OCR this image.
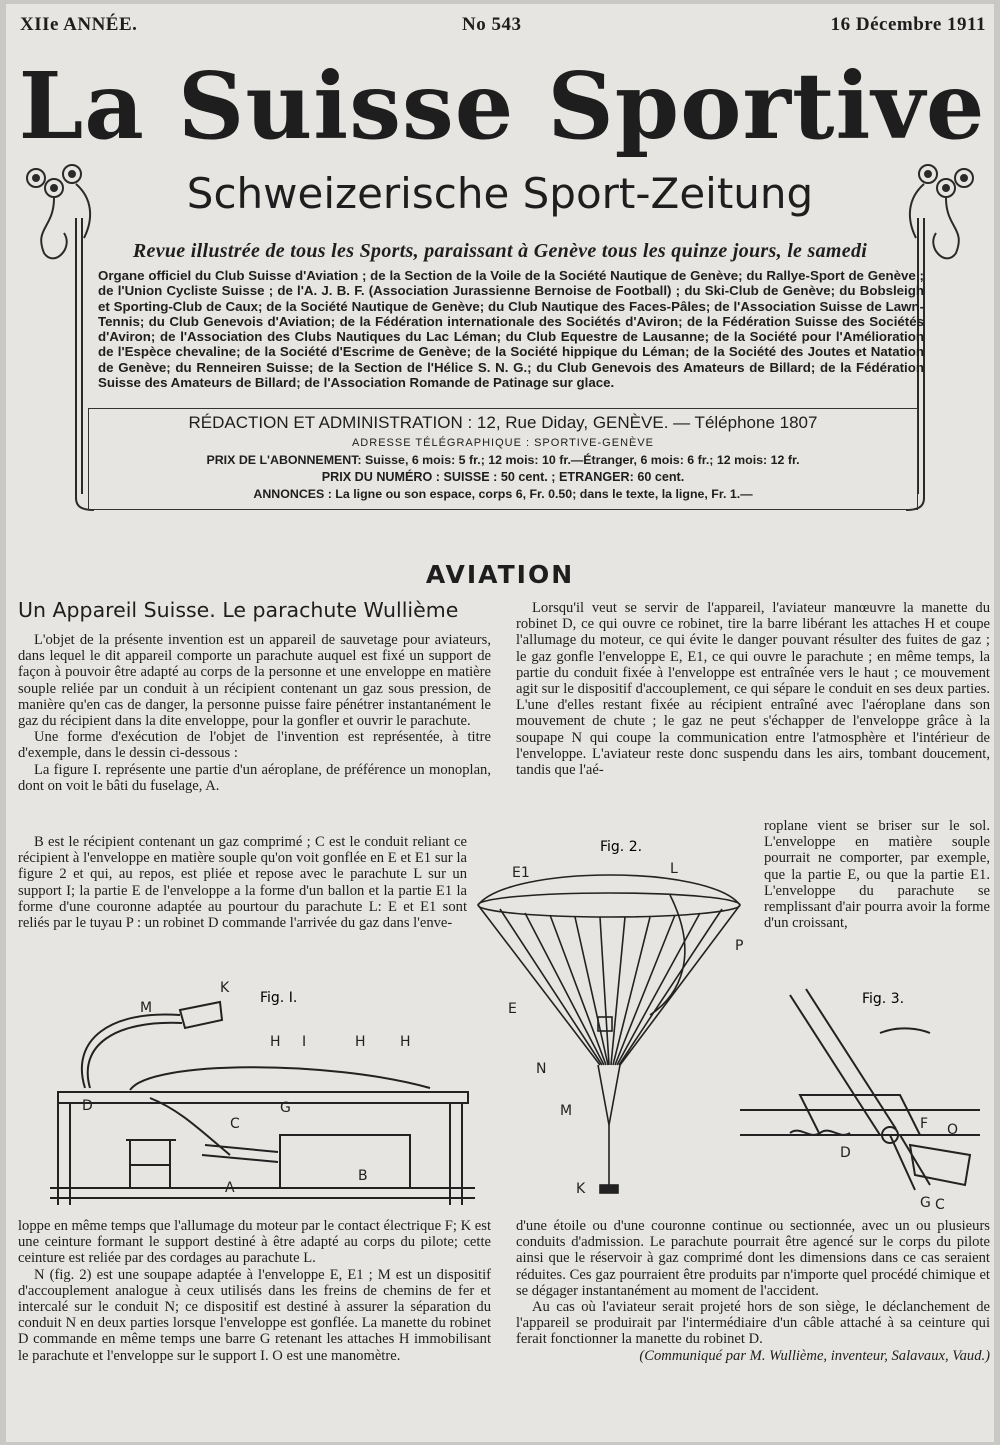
XIIe ANNÉE.	No 543	16 Décembre 1911
La Suisse Sportive
Schweizerische Sport-Zeitung
Revue illustrée de tous les Sports, paraissant à Genève tous les quinze jours, le samedi
Organe officiel du Club Suisse d'Aviation ; de la Section de la Voile de la Société Nautique de Genève; du Rallye-Sport de Genève ; de l'Union Cycliste Suisse ; de l'A. J. B. F. (Association Jurassienne Bernoise de Football) ; du Ski-Club de Genève; du Bobsleigh et Sporting-Club de Caux; de la Société Nautique de Genève; du Club Nautique des Faces-Pâles; de l'Association Suisse de Lawn-Tennis; du Club Genevois d'Aviation; de la Fédération internationale des Sociétés d'Aviron; de la Fédération Suisse des Sociétés d'Aviron; de l'Association des Clubs Nautiques du Lac Léman; du Club Equestre de Lausanne; de la Société pour l'Amélioration de l'Espèce chevaline; de la Société d'Escrime de Genève; de la Société hippique du Léman; de la Société des Joutes et Natation de Genève; du Renneiren Suisse; de la Section de l'Hélice S. N. G.; du Club Genevois des Amateurs de Billard; de la Fédération Suisse des Amateurs de Billard; de l'Association Romande de Patinage sur glace.
RÉDACTION ET ADMINISTRATION : 12, Rue Diday, GENÈVE. — Téléphone 1807
ADRESSE TÉLÉGRAPHIQUE : SPORTIVE-GENÈVE
PRIX DE L'ABONNEMENT: Suisse, 6 mois: 5 fr.; 12 mois: 10 fr.—Étranger, 6 mois: 6 fr.; 12 mois: 12 fr.
PRIX DU NUMÉRO : SUISSE : 50 cent. ; ETRANGER: 60 cent.
ANNONCES : La ligne ou son espace, corps 6, Fr. 0.50; dans le texte, la ligne, Fr. 1.—
AVIATION
Un Appareil Suisse. Le parachute Wullième

L'objet de la présente invention est un appareil de sauvetage pour aviateurs, dans lequel le dit appareil comporte un parachute auquel est fixé un support de façon à pouvoir être adapté au corps de la personne et une enveloppe en matière souple reliée par un conduit à un récipient contenant un gaz sous pression, de manière qu'en cas de danger, la personne puisse faire pénétrer instantanément le gaz du récipient dans la dite enveloppe, pour la gonfler et ouvrir le parachute.

Une forme d'exécution de l'objet de l'invention est représentée, à titre d'exemple, dans le dessin ci-dessous :

La figure I. représente une partie d'un aéroplane, de préférence un monoplan, dont on voit le bâti du fuselage, A.

B est le récipient contenant un gaz comprimé ; C est le conduit reliant ce récipient à l'enveloppe en matière souple qu'on voit gonflée en E et E1 sur la figure 2 et qui, au repos, est pliée et repose avec le parachute L sur un support I; la partie E de l'enveloppe a la forme d'un ballon et la partie E1 la forme d'une couronne adaptée au pourtour du parachute L: E et E1 sont reliés par le tuyau P : un robinet D commande l'arrivée du gaz dans l'enve-

Lorsqu'il veut se servir de l'appareil, l'aviateur manœuvre la manette du robinet D, ce qui ouvre ce robinet, tire la barre libérant les attaches H et coupe l'allumage du moteur, ce qui évite le danger pouvant résulter des fuites de gaz ; le gaz gonfle l'enveloppe E, E1, ce qui ouvre le parachute ; en même temps, la partie du conduit fixée à l'enveloppe est entraînée vers le haut ; ce mouvement agit sur le dispositif d'accouplement, ce qui sépare le conduit en ses deux parties. L'une d'elles restant fixée au récipient entraîné avec l'aéroplane dans son mouvement de chute ; le gaz ne peut s'échapper de l'enveloppe grâce à la soupape N qui coupe la communication entre l'atmosphère et l'intérieur de l'enveloppe. L'aviateur reste donc suspendu dans les airs, tombant doucement, tandis que l'aé-

roplane vient se briser sur le sol. L'enveloppe en matière souple pourrait ne comporter, par exemple, que la partie E, ou que la partie E1. L'enveloppe du parachute se remplissant d'air pourra avoir la forme d'un croissant,

Fig. I.
K
M
H I	H H
D	G
C
A
B
Fig. 2.
E1	L
P
E
N
M
K
Fig. 3.
F O
D
G C

loppe en même temps que l'allumage du moteur par le contact électrique F; K est une ceinture formant le support destiné à être adapté au corps du pilote; cette ceinture est reliée par des cordages au parachute L.

N (fig. 2) est une soupape adaptée à l'enveloppe E, E1 ; M est un dispositif d'accouplement analogue à ceux utilisés dans les freins de chemins de fer et intercalé sur le conduit N; ce dispositif est destiné à assurer la séparation du conduit N en deux parties lorsque l'enveloppe est gonflée. La manette du robinet D commande en même temps une barre G retenant les attaches H immobilisant le parachute et l'enveloppe sur le support I. O est une manomètre.

d'une étoile ou d'une couronne continue ou sectionnée, avec un ou plusieurs conduits d'admission. Le parachute pourrait être agencé sur le corps du pilote ainsi que le réservoir à gaz comprimé dont les dimensions dans ce cas seraient réduites. Ces gaz pourraient être produits par n'importe quel procédé chimique et se dégager instantanément au moment de l'accident.

Au cas où l'aviateur serait projeté hors de son siège, le déclanchement de l'appareil se produirait par l'intermédiaire d'un câble attaché à sa ceinture qui ferait fonctionner la manette du robinet D.

(Communiqué par M. Wullième, inventeur, Salavaux, Vaud.)
